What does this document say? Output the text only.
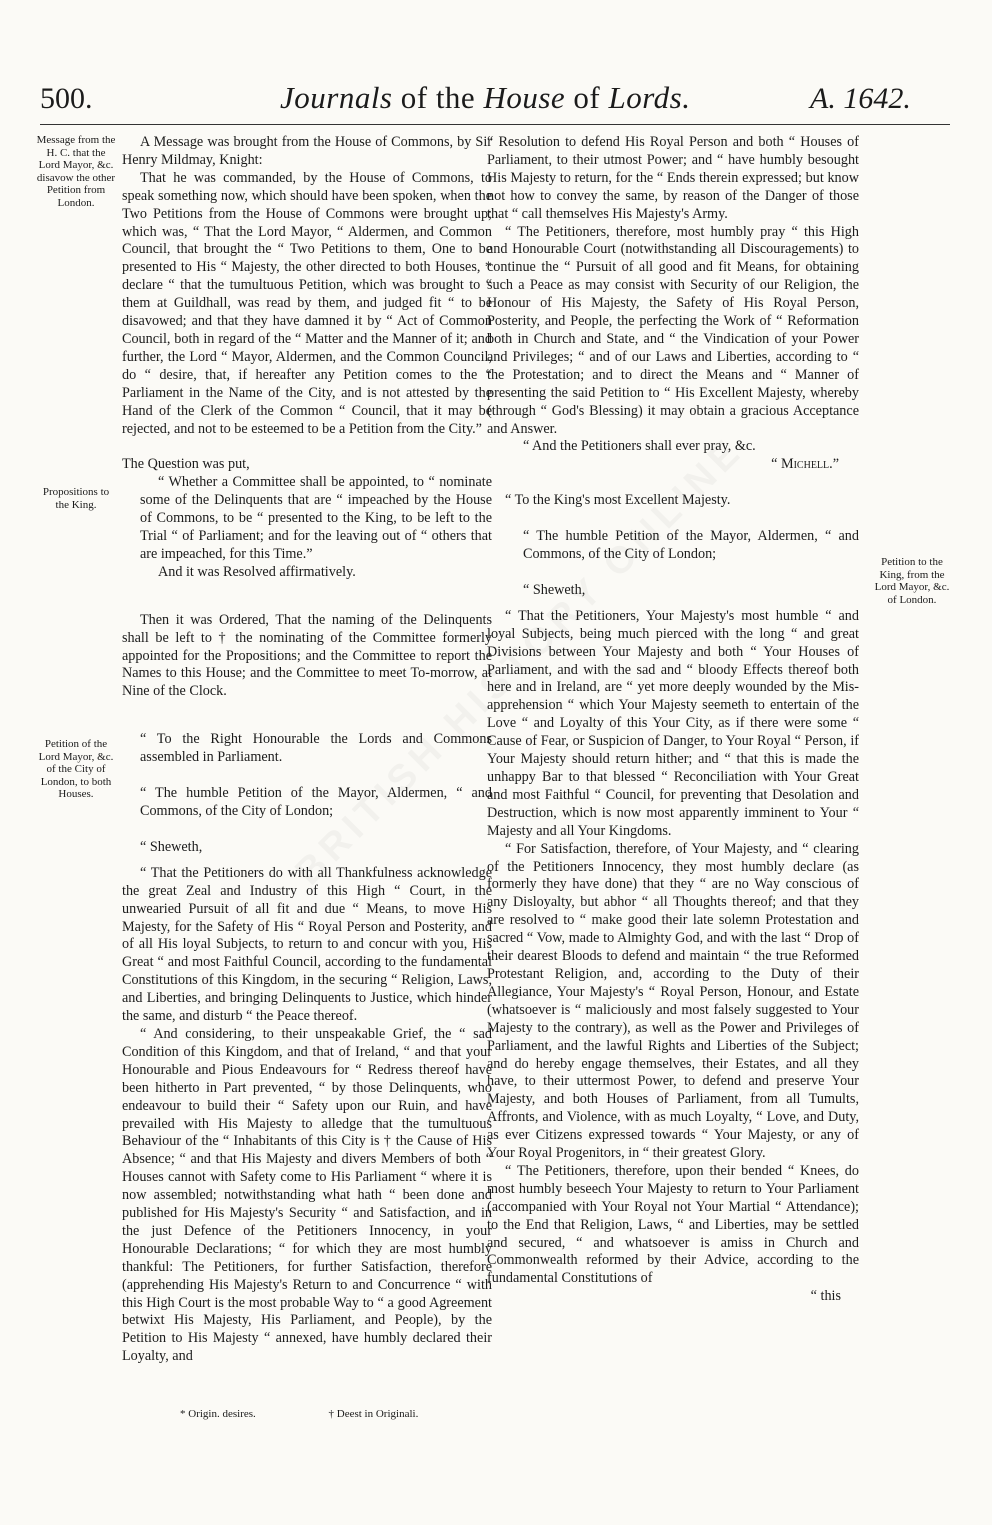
500.	Journals of the House of Lords.	A. 1642.
Message from the H. C. that the Lord Mayor, &c. disavow the other Petition from London.
Propositions to the King.
Petition of the Lord Mayor, &c. of the City of London, to both Houses.
Petition to the King, from the Lord Mayor, &c. of London.

A Message was brought from the House of Commons, by Sir Henry Mildmay, Knight:

That he was commanded, by the House of Commons, to speak something now, which should have been spoken, when the Two Petitions from the House of Commons were brought up; which was, “ That the Lord Mayor, “ Aldermen, and Common Council, that brought the “ Two Petitions to them, One to be presented to His “ Majesty, the other directed to both Houses, * declare “ that the tumultuous Petition, which was brought to “ them at Guildhall, was read by them, and judged fit “ to be disavowed; and that they have damned it by “ Act of Common Council, both in regard of the “ Matter and the Manner of it; and further, the Lord “ Mayor, Aldermen, and the Common Council, do “ desire, that, if hereafter any Petition comes to the “ Parliament in the Name of the City, and is not attested by the Hand of the Clerk of the Common “ Council, that it may be rejected, and not to be esteemed to be a Petition from the City.”

The Question was put,

“ Whether a Committee shall be appointed, to “ nominate some of the Delinquents that are “ impeached by the House of Commons, to be “ presented to the King, to be left to the Trial “ of Parliament; and for the leaving out of “ others that are impeached, for this Time.”

And it was Resolved affirmatively.

Then it was Ordered, That the naming of the Delinquents shall be left to † the nominating of the Committee formerly appointed for the Propositions; and the Committee to report the Names to this House; and the Committee to meet To-morrow, at Nine of the Clock.

“ To the Right Honourable the Lords and Commons assembled in Parliament.

“ The humble Petition of the Mayor, Aldermen, “ and Commons, of the City of London;

“ Sheweth,

“ That the Petitioners do with all Thankfulness acknowledge the great Zeal and Industry of this High “ Court, in the unwearied Pursuit of all fit and due “ Means, to move His Majesty, for the Safety of His “ Royal Person and Posterity, and of all His loyal Subjects, to return to and concur with you, His Great “ and most Faithful Council, according to the fundamental Constitutions of this Kingdom, in the securing “ Religion, Laws, and Liberties, and bringing Delinquents to Justice, which hinder the same, and disturb “ the Peace thereof.

“ And considering, to their unspeakable Grief, the “ sad Condition of this Kingdom, and that of Ireland, “ and that your Honourable and Pious Endeavours for “ Redress thereof have been hitherto in Part prevented, “ by those Delinquents, who endeavour to build their “ Safety upon our Ruin, and have prevailed with His Majesty to alledge that the tumultuous Behaviour of the “ Inhabitants of this City is † the Cause of His Absence; “ and that His Majesty and divers Members of both “ Houses cannot with Safety come to His Parliament “ where it is now assembled; notwithstanding what hath “ been done and published for His Majesty's Security “ and Satisfaction, and in the just Defence of the Petitioners Innocency, in your Honourable Declarations; “ for which they are most humbly thankful: The Petitioners, for further Satisfaction, therefore (apprehending His Majesty's Return to and Concurrence “ with this High Court is the most probable Way to “ a good Agreement betwixt His Majesty, His Parliament, and People), by the Petition to His Majesty “ annexed, have humbly declared their Loyalty, and

“ Resolution to defend His Royal Person and both “ Houses of Parliament, to their utmost Power; and “ have humbly besought His Majesty to return, for the “ Ends therein expressed; but know not how to convey the same, by reason of the Danger of those that “ call themselves His Majesty's Army.

“ The Petitioners, therefore, most humbly pray “ this High and Honourable Court (notwithstanding all Discouragements) to continue the “ Pursuit of all good and fit Means, for obtaining such a Peace as may consist with Security of our Religion, the Honour of His Majesty, the Safety of His Royal Person, Posterity, and People, the perfecting the Work of “ Reformation both in Church and State, and “ the Vindication of your Power and Privileges; “ and of our Laws and Liberties, according to “ the Protestation; and to direct the Means and “ Manner of presenting the said Petition to “ His Excellent Majesty, whereby (through “ God's Blessing) it may obtain a gracious Acceptance and Answer.

“ And the Petitioners shall ever pray, &c.

“ Michell.”

“ To the King's most Excellent Majesty.

“ The humble Petition of the Mayor, Aldermen, “ and Commons, of the City of London;

“ Sheweth,

“ That the Petitioners, Your Majesty's most humble “ and loyal Subjects, being much pierced with the long “ and great Divisions between Your Majesty and both “ Your Houses of Parliament, and with the sad and “ bloody Effects thereof both here and in Ireland, are “ yet more deeply wounded by the Mis-apprehension “ which Your Majesty seemeth to entertain of the Love “ and Loyalty of this Your City, as if there were some “ Cause of Fear, or Suspicion of Danger, to Your Royal “ Person, if Your Majesty should return hither; and “ that this is made the unhappy Bar to that blessed “ Reconciliation with Your Great and most Faithful “ Council, for preventing that Desolation and Destruction, which is now most apparently imminent to Your “ Majesty and all Your Kingdoms.

“ For Satisfaction, therefore, of Your Majesty, and “ clearing of the Petitioners Innocency, they most humbly declare (as formerly they have done) that they “ are no Way conscious of any Disloyalty, but abhor “ all Thoughts thereof; and that they are resolved to “ make good their late solemn Protestation and sacred “ Vow, made to Almighty God, and with the last “ Drop of their dearest Bloods to defend and maintain “ the true Reformed Protestant Religion, and, according to the Duty of their Allegiance, Your Majesty's “ Royal Person, Honour, and Estate (whatsoever is “ maliciously and most falsely suggested to Your Majesty to the contrary), as well as the Power and Privileges of Parliament, and the lawful Rights and Liberties of the Subject; and do hereby engage themselves, their Estates, and all they have, to their uttermost Power, to defend and preserve Your Majesty, and both Houses of Parliament, from all Tumults, Affronts, and Violence, with as much Loyalty, “ Love, and Duty, as ever Citizens expressed towards “ Your Majesty, or any of Your Royal Progenitors, in “ their greatest Glory.

“ The Petitioners, therefore, upon their bended “ Knees, do most humbly beseech Your Majesty to return to Your Parliament (accompanied with Your Royal not Your Martial “ Attendance); to the End that Religion, Laws, “ and Liberties, may be settled and secured, “ and whatsoever is amiss in Church and Commonwealth reformed by their Advice, according to the fundamental Constitutions of

“ this

* Origin. desires.	† Deest in Originali.
